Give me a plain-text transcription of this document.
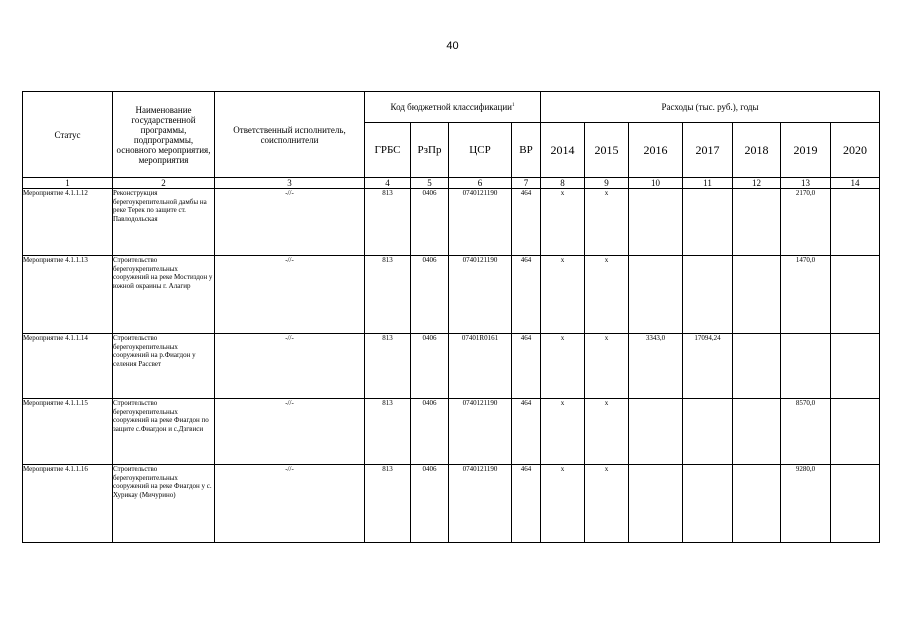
40
Статус	Наименование государственной программы, подпрограммы, основного мероприятия, мероприятия	Ответственный исполнитель, соисполнители	Код бюджетной классификации$^1$				Расходы (тыс. руб.), годы						
			ГРБС	РзПр	ЦСР	ВР	2014	2015	2016	2017	2018	2019	2020
1	2	3	4	5	6	7	8	9	10	11	12	13	14
Мероприятие 4.1.1.12	Реконструкция берегоукрепительной дамбы на реке Терек по защите ст. Павлодольская	-//-	813	0406	0740121190	464	x	x				2170,0	
Мероприятие 4.1.1.13	Строительство берегоукрепительных сооружений на реке Мостиздон у южной окраины г. Алагир	-//-	813	0406	0740121190	464	x	x				1470,0	
Мероприятие 4.1.1.14	Строительство берегоукрепительных сооружений на р.Фиагдон у селения Рассвет	-//-	813	0406	07401R0161	464	x	x	3343,0	17094,24			
Мероприятие 4.1.1.15	Строительство берегоукрепительных сооружений на реке Фиагдон по защите с.Фиагдон и с.Дзгвиси	-//-	813	0406	0740121190	464	x	x				8570,0	
Мероприятие 4.1.1.16	Строительство берегоукрепительных сооружений на реке Фиагдон у с. Хурикау (Мичурино)	-//-	813	0406	0740121190	464	x	x				9280,0	
